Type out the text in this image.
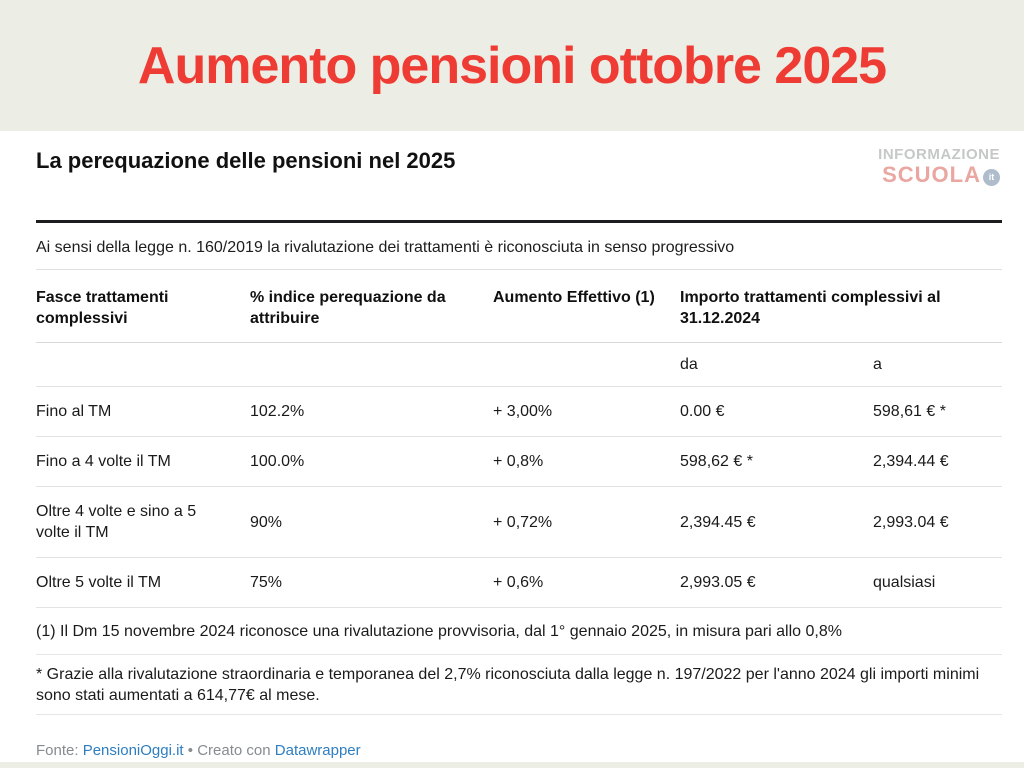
Aumento pensioni ottobre 2025
La perequazione delle pensioni nel 2025	INFORMAZIONE
SCUOLA it

Ai sensi della legge n. 160/2019 la rivalutazione dei trattamenti è riconosciuta in senso progressivo

Fasce trattamenti complessivi	% indice perequazione da attribuire	Aumento Effettivo (1)	Importo trattamenti complessivi al 31.12.2024	
			da	a
Fino al TM	102.2%	+ 3,00%	0.00 €	598,61 € *
Fino a 4 volte il TM	100.0%	+ 0,8%	598,62 € *	2,394.44 €
Oltre 4 volte e sino a 5 volte il TM	90%	+ 0,72%	2,394.45 €	2,993.04 €
Oltre 5 volte il TM	75%	+ 0,6%	2,993.05 €	qualsiasi
(1) Il Dm 15 novembre 2024 riconosce una rivalutazione provvisoria, dal 1° gennaio 2025, in misura pari allo 0,8%
* Grazie alla rivalutazione straordinaria e temporanea del 2,7% riconosciuta dalla legge n. 197/2022 per l'anno 2024 gli importi minimi sono stati aumentati a 614,77€ al mese.
Fonte: PensioniOggi.it • Creato con Datawrapper
